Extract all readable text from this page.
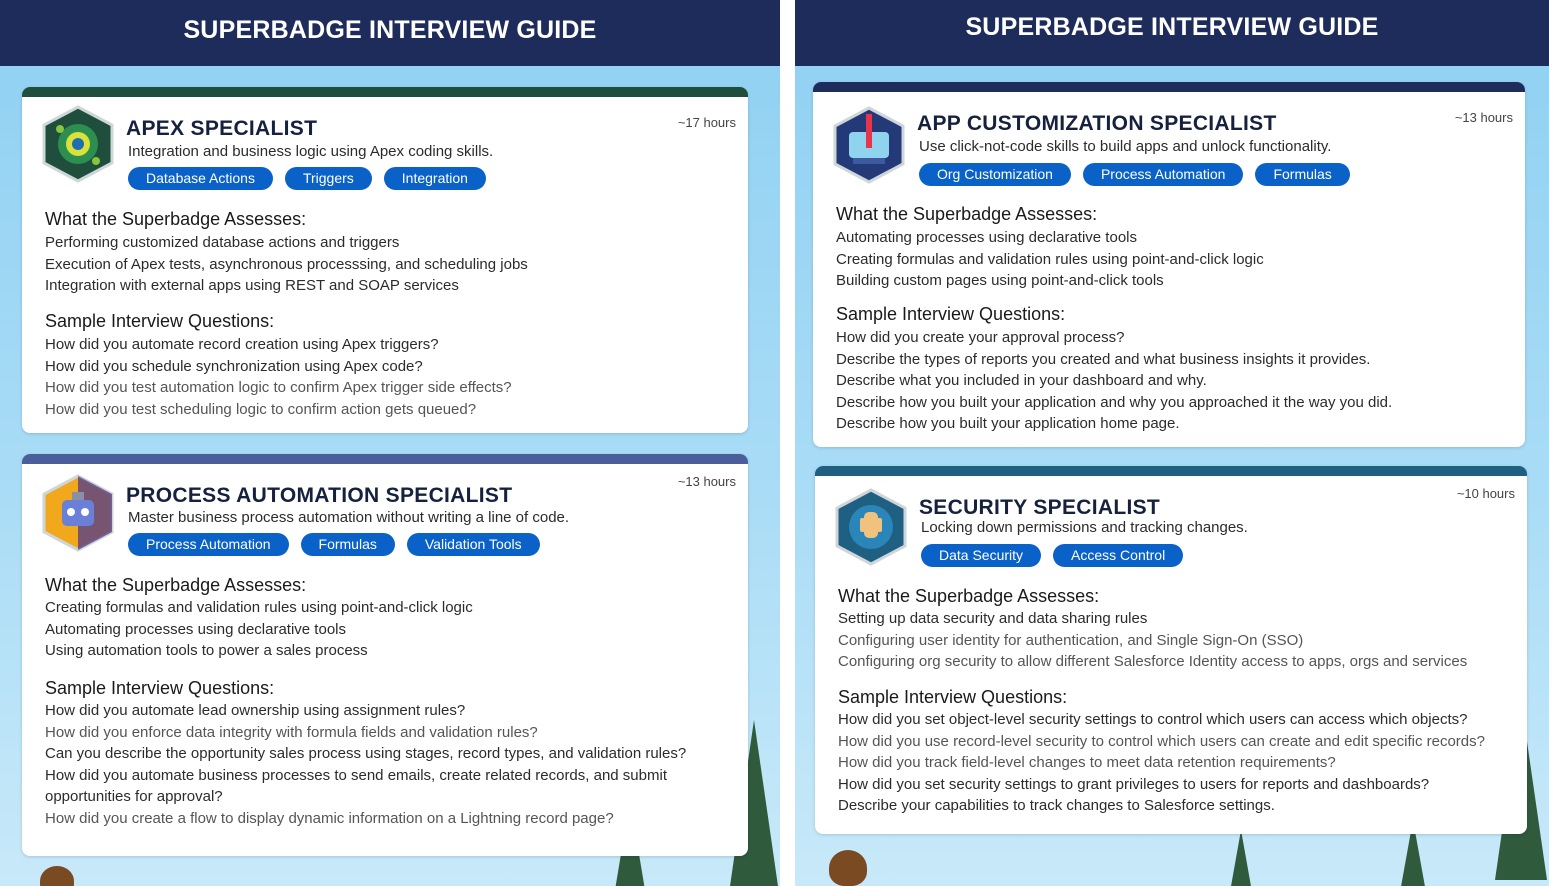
SUPERBADGE INTERVIEW GUIDE
APEX SPECIALIST
Integration and business logic using Apex coding skills.
~17 hours
Database Actions	Triggers	Integration
What the Superbadge Assesses:
Performing customized database actions and triggers
Execution of Apex tests, asynchronous processsing, and scheduling jobs
Integration with external apps using REST and SOAP services
Sample Interview Questions:
How did you automate record creation using Apex triggers?
How did you schedule synchronization using Apex code?
How did you test automation logic to confirm Apex trigger side effects?
How did you test scheduling logic to confirm action gets queued?
PROCESS AUTOMATION SPECIALIST
Master business process automation without writing a line of code.
~13 hours
Process Automation	Formulas	Validation Tools
What the Superbadge Assesses:
Creating formulas and validation rules using point-and-click logic
Automating processes using declarative tools
Using automation tools to power a sales process
Sample Interview Questions:
How did you automate lead ownership using assignment rules?
How did you enforce data integrity with formula fields and validation rules?
Can you describe the opportunity sales process using stages, record types, and validation rules?
How did you automate business processes to send emails, create related records, and submit
opportunities for approval?
How did you create a flow to display dynamic information on a Lightning record page?
SUPERBADGE INTERVIEW GUIDE
APP CUSTOMIZATION SPECIALIST
Use click-not-code skills to build apps and unlock functionality.
~13 hours
Org Customization	Process Automation	Formulas
What the Superbadge Assesses:
Automating processes using declarative tools
Creating formulas and validation rules using point-and-click logic
Building custom pages using point-and-click tools
Sample Interview Questions:
How did you create your approval process?
Describe the types of reports you created and what business insights it provides.
Describe what you included in your dashboard and why.
Describe how you built your application and why you approached it the way you did.
Describe how you built your application home page.
SECURITY SPECIALIST
Locking down permissions and tracking changes.
~10 hours
Data Security	Access Control
What the Superbadge Assesses:
Setting up data security and data sharing rules
Configuring user identity for authentication, and Single Sign-On (SSO)
Configuring org security to allow different Salesforce Identity access to apps, orgs and services
Sample Interview Questions:
How did you set object-level security settings to control which users can access which objects?
How did you use record-level security to control which users can create and edit specific records?
How did you track field-level changes to meet data retention requirements?
How did you set security settings to grant privileges to users for reports and dashboards?
Describe your capabilities to track changes to Salesforce settings.
